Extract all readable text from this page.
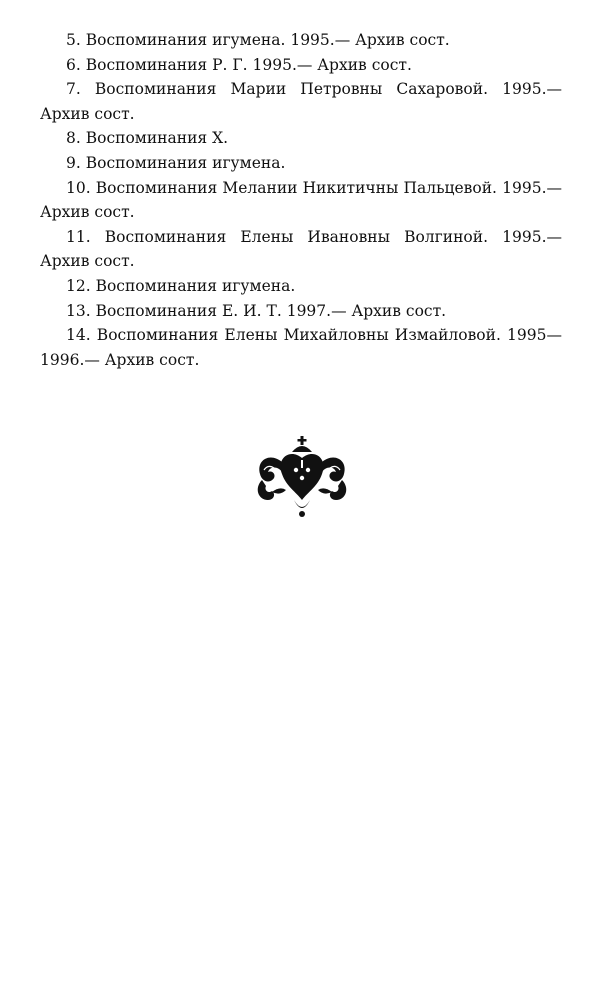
5. Воспоминания игумена. 1995.— Архив сост.

6. Воспоминания Р. Г. 1995.— Архив сост.

7. Воспоминания Марии Петровны Сахаровой. 1995.— Архив сост.

8. Воспоминания Х.

9. Воспоминания игумена.

10. Воспоминания Мелании Никитичны Пальцевой. 1995.— Архив сост.

11. Воспоминания Елены Ивановны Волгиной. 1995.— Архив сост.

12. Воспоминания игумена.

13. Воспоминания Е. И. Т. 1997.— Архив сост.

14. Воспоминания Елены Михайловны Измайловой. 1995—1996.— Архив сост.
